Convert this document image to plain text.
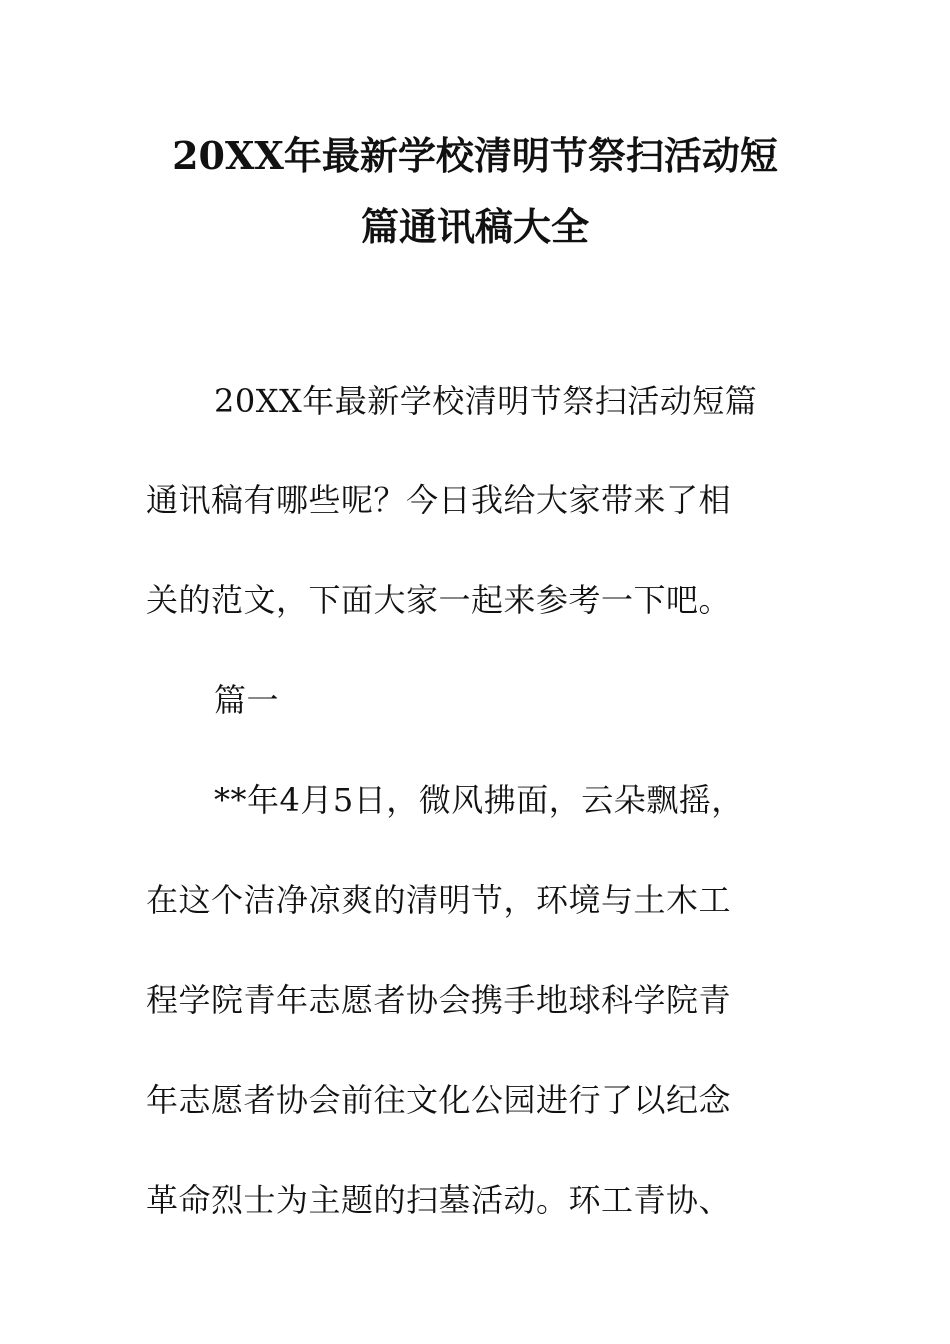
20XX年最新学校清明节祭扫活动短
篇通讯稿大全
20XX年最新学校清明节祭扫活动短篇
通讯稿有哪些呢？今日我给大家带来了相
关的范文，下面大家一起来参考一下吧。
篇一
**年4月5日，微风拂面，云朵飘摇，
在这个洁净凉爽的清明节，环境与土木工
程学院青年志愿者协会携手地球科学院青
年志愿者协会前往文化公园进行了以纪念
革命烈士为主题的扫墓活动。环工青协、
